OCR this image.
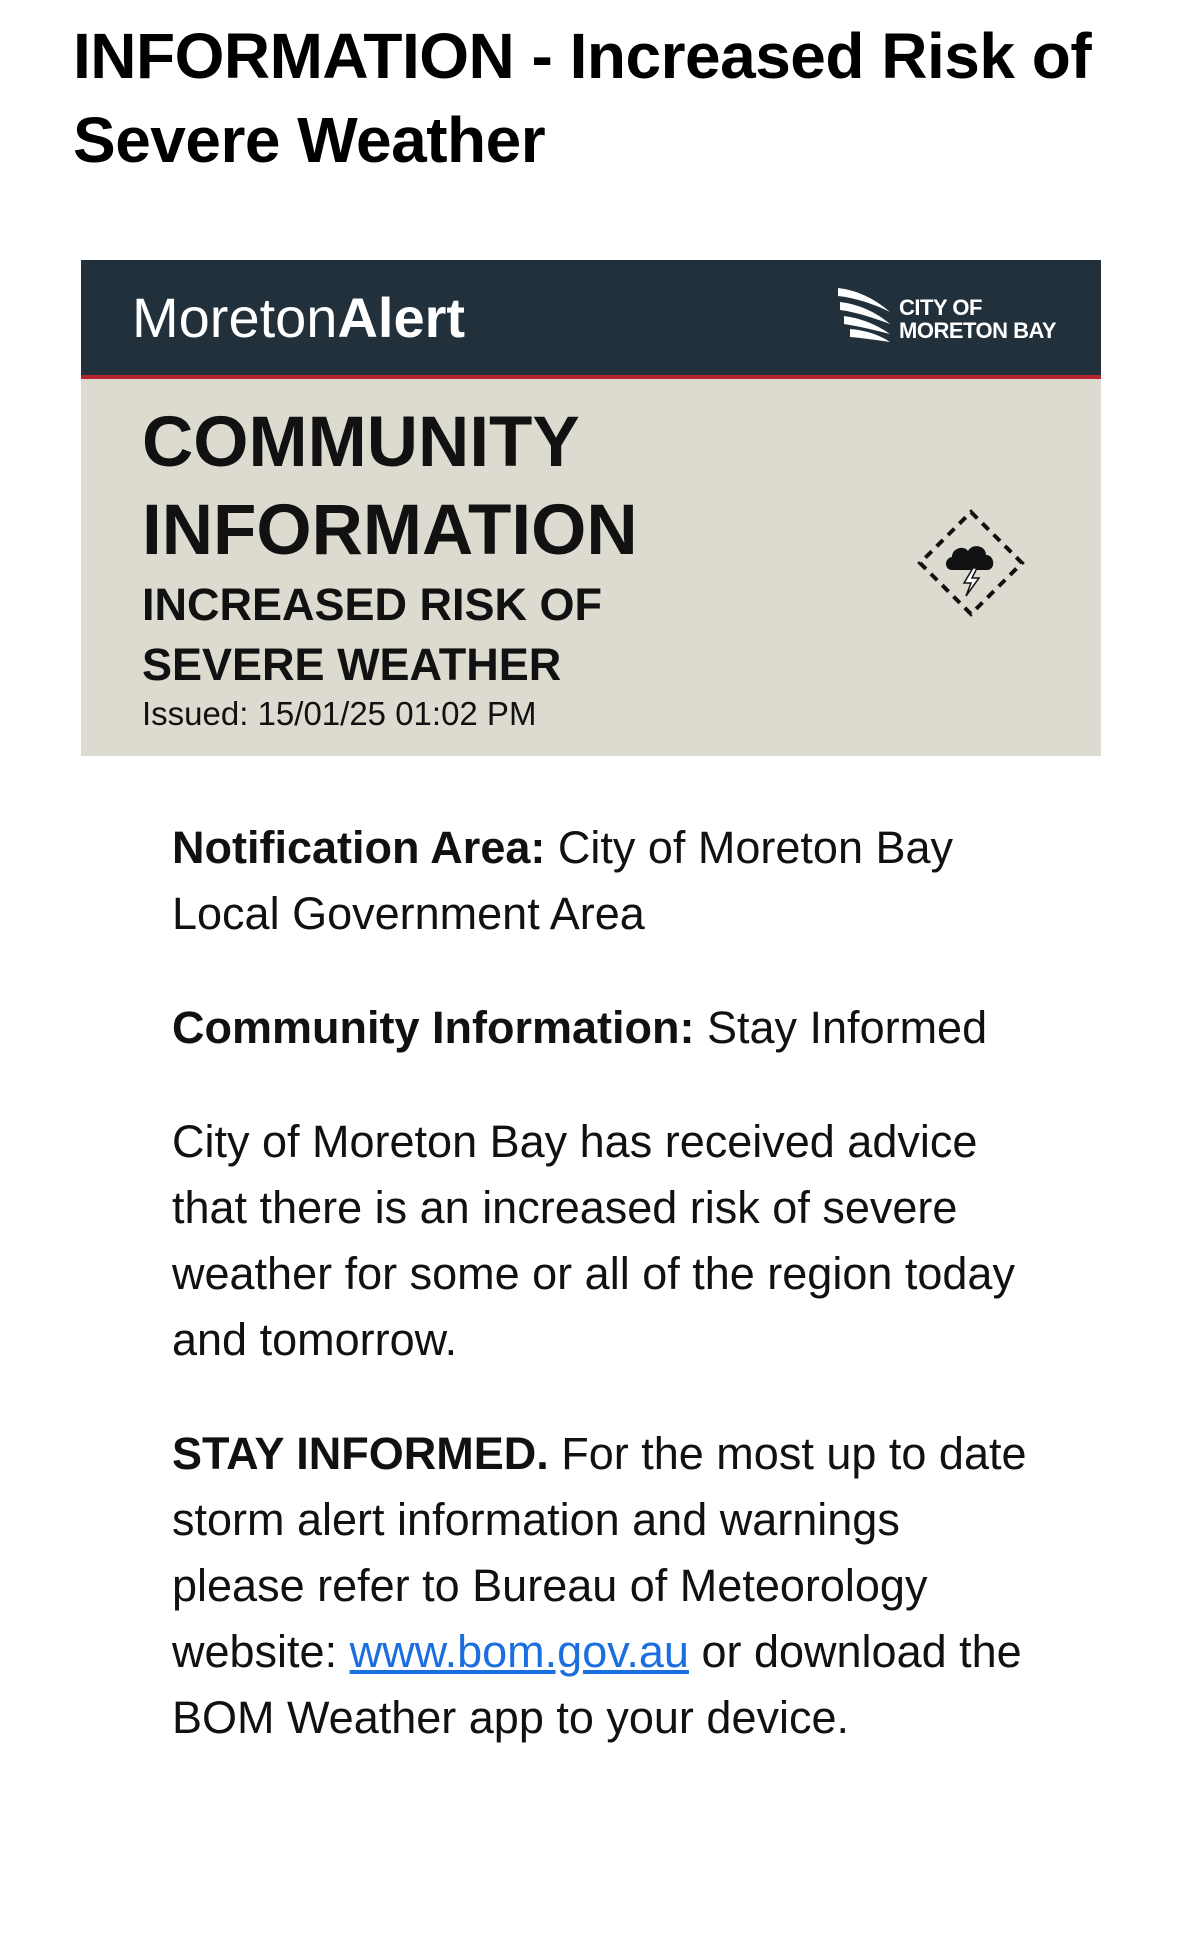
INFORMATION - Increased Risk of Severe Weather
MoretonAlert	CITY OF
MORETON BAY
COMMUNITY
INFORMATION
INCREASED RISK OF
SEVERE WEATHER
Issued: 15/01/25 01:02 PM

Notification Area: City of Moreton Bay Local Government Area

Community Information: Stay Informed

City of Moreton Bay has received advice that there is an increased risk of severe weather for some or all of the region today and tomorrow.

STAY INFORMED. For the most up to date storm alert information and warnings please refer to Bureau of Meteorology website: www.bom.gov.au or download the BOM Weather app to your device.
